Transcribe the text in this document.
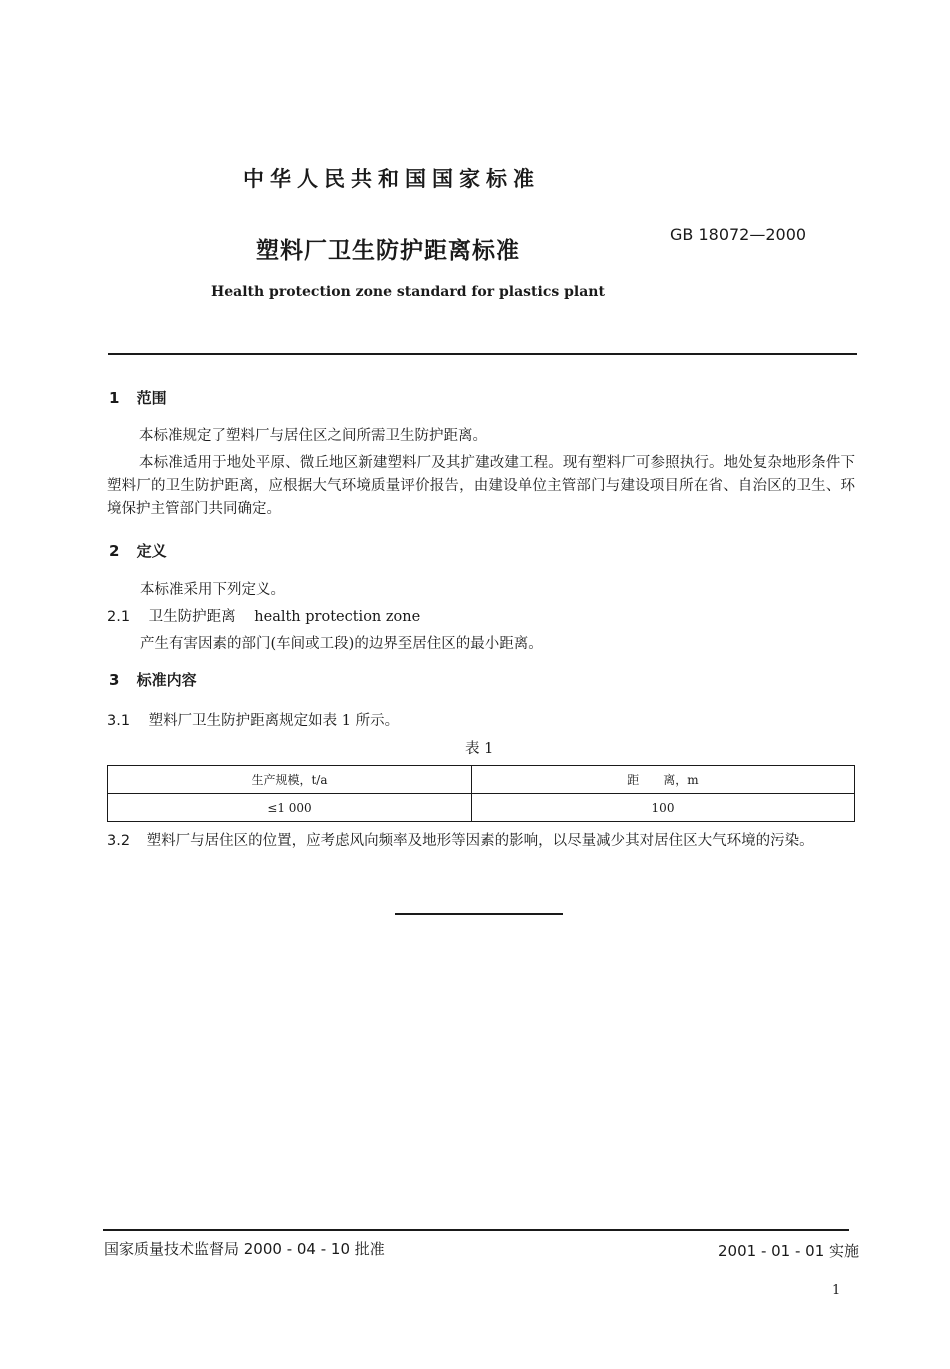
中华人民共和国国家标准
GB 18072—2000
塑料厂卫生防护距离标准
Health protection zone standard for plastics plant
1 范围
本标准规定了塑料厂与居住区之间所需卫生防护距离。
本标准适用于地处平原、微丘地区新建塑料厂及其扩建改建工程。现有塑料厂可参照执行。地处复杂地形条件下塑料厂的卫生防护距离，应根据大气环境质量评价报告，由建设单位主管部门与建设项目所在省、自治区的卫生、环境保护主管部门共同确定。
2 定义
本标准采用下列定义。
2.1 卫生防护距离 health protection zone
产生有害因素的部门(车间或工段)的边界至居住区的最小距离。
3 标准内容
3.1 塑料厂卫生防护距离规定如表 1 所示。
表 1
生产规模，t/a	距　　离，m
≤1 000	100
3.2 塑料厂与居住区的位置，应考虑风向频率及地形等因素的影响，以尽量减少其对居住区大气环境的污染。
国家质量技术监督局 2000 - 04 - 10 批准	2001 - 01 - 01 实施
1
